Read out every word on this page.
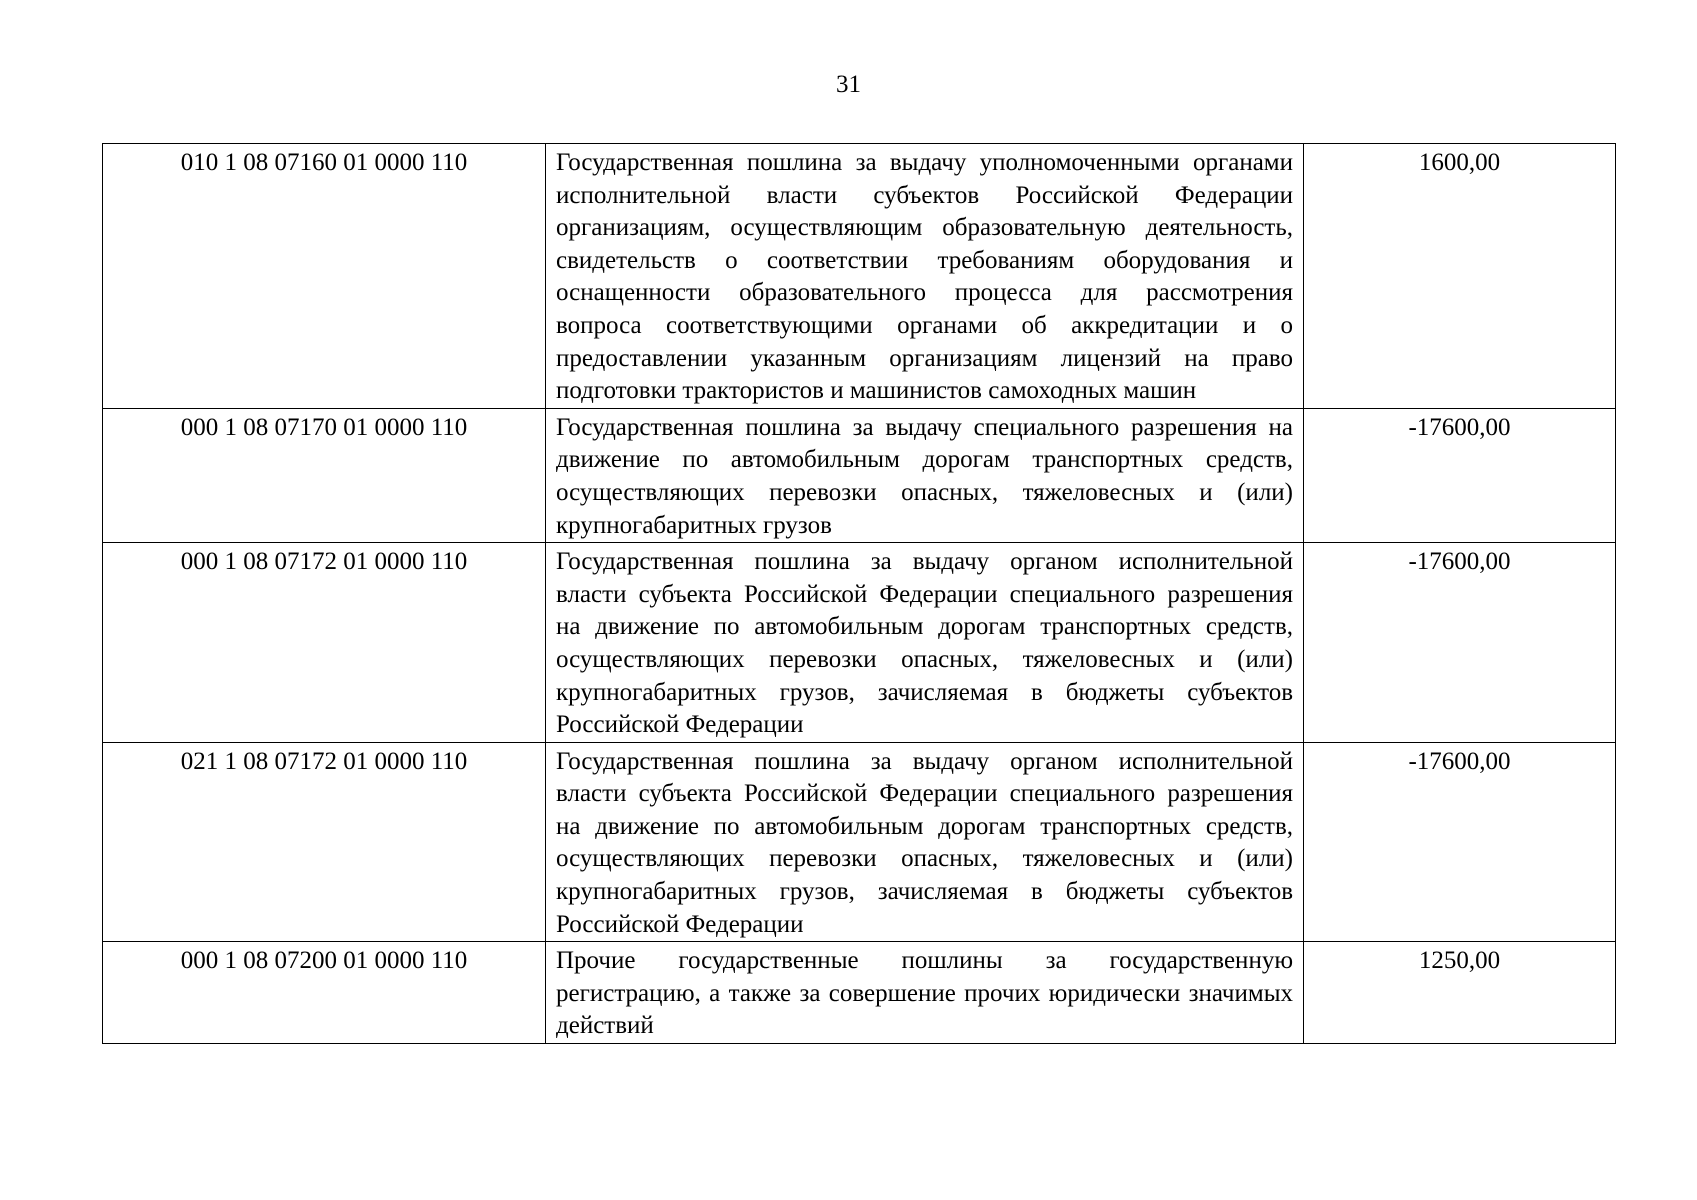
31
010 1 08 07160 01 0000 110	Государственная пошлина за выдачу уполномоченными органами исполнительной власти субъектов Российской Федерации организациям, осуществляющим образовательную деятельность, свидетельств о соответствии требованиям оборудования и оснащенности образовательного процесса для рассмотрения вопроса соответствующими органами об аккредитации и о предоставлении указанным организациям лицензий на право подготовки трактористов и машинистов самоходных машин	1600,00
000 1 08 07170 01 0000 110	Государственная пошлина за выдачу специального разрешения на движение по автомобильным дорогам транспортных средств, осуществляющих перевозки опасных, тяжеловесных и (или) крупногабаритных грузов	-17600,00
000 1 08 07172 01 0000 110	Государственная пошлина за выдачу органом исполнительной власти субъекта Российской Федерации специального разрешения на движение по автомобильным дорогам транспортных средств, осуществляющих перевозки опасных, тяжеловесных и (или) крупногабаритных грузов, зачисляемая в бюджеты субъектов Российской Федерации	-17600,00
021 1 08 07172 01 0000 110	Государственная пошлина за выдачу органом исполнительной власти субъекта Российской Федерации специального разрешения на движение по автомобильным дорогам транспортных средств, осуществляющих перевозки опасных, тяжеловесных и (или) крупногабаритных грузов, зачисляемая в бюджеты субъектов Российской Федерации	-17600,00
000 1 08 07200 01 0000 110	Прочие государственные пошлины за государственную регистрацию, а также за совершение прочих юридически значимых действий	1250,00
